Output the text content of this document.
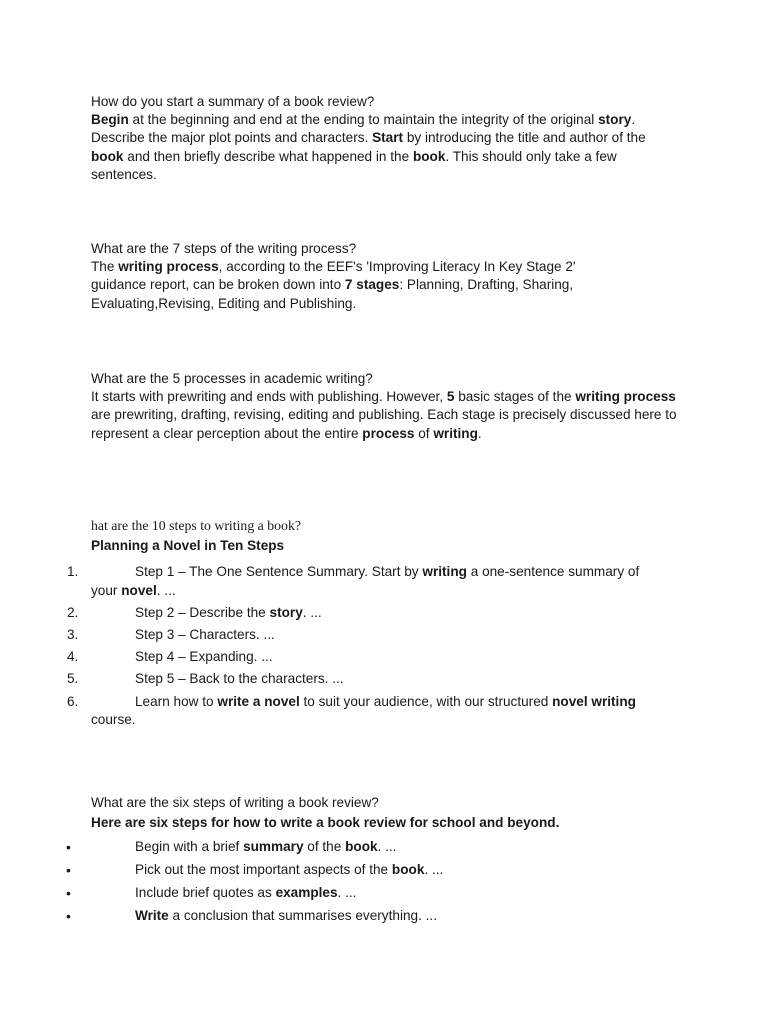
How do you start a summary of a book review?

Begin at the beginning and end at the ending to maintain the integrity of the original story. Describe the major plot points and characters. Start by introducing the title and author of the book and then briefly describe what happened in the book. This should only take a few sentences.

What are the 7 steps of the writing process?

The writing process, according to the EEF's 'Improving Literacy In Key Stage 2' guidance report, can be broken down into 7 stages: Planning, Drafting, Sharing, Evaluating,Revising, Editing and Publishing.

What are the 5 processes in academic writing?

It starts with prewriting and ends with publishing. However, 5 basic stages of the writing process are prewriting, drafting, revising, editing and publishing. Each stage is precisely discussed here to represent a clear perception about the entire process of writing.

hat are the 10 steps to writing a book?
Planning a Novel in Ten Steps
1.	Step 1 – The One Sentence Summary. Start by writing a one-sentence summary of your novel. ...
2.	Step 2 – Describe the story. ...
3.	Step 3 – Characters. ...
4.	Step 4 – Expanding. ...
5.	Step 5 – Back to the characters. ...
6.	Learn how to write a novel to suit your audience, with our structured novel writing course.
What are the six steps of writing a book review?
Here are six steps for how to write a book review for school and beyond.
•	Begin with a brief summary of the book. ...
•	Pick out the most important aspects of the book. ...
•	Include brief quotes as examples. ...
•	Write a conclusion that summarises everything. ...
